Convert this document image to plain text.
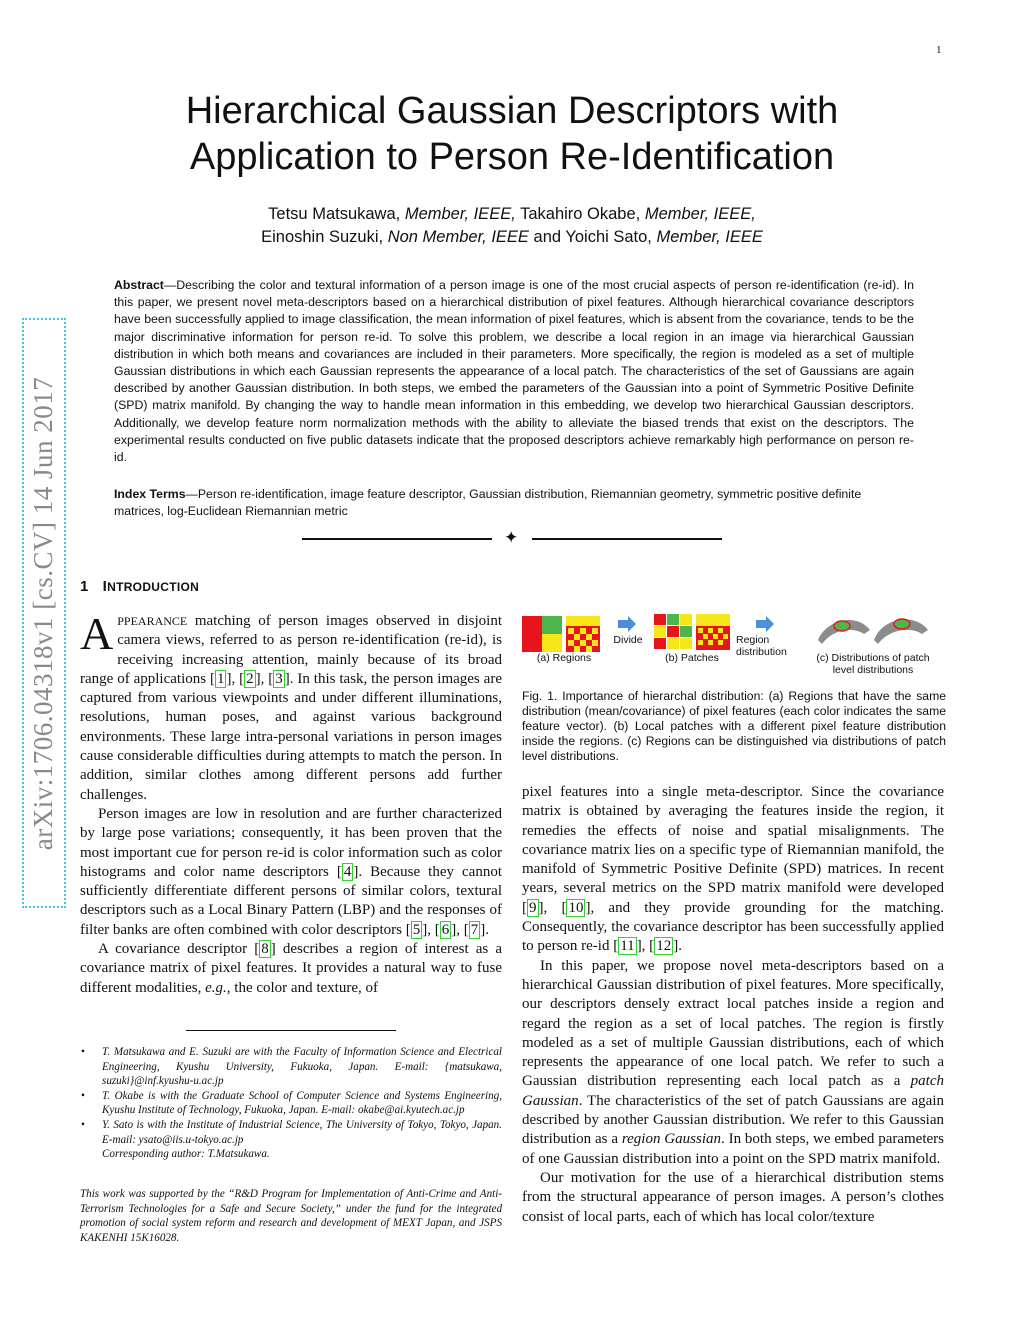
1
arXiv:1706.04318v1 [cs.CV] 14 Jun 2017
Hierarchical Gaussian Descriptors with
Application to Person Re-Identification
Tetsu Matsukawa, Member, IEEE, Takahiro Okabe, Member, IEEE,
Einoshin Suzuki, Non Member, IEEE and Yoichi Sato, Member, IEEE

Abstract—Describing the color and textural information of a person image is one of the most crucial aspects of person re-identification (re-id). In this paper, we present novel meta-descriptors based on a hierarchical distribution of pixel features. Although hierarchical covariance descriptors have been successfully applied to image classification, the mean information of pixel features, which is absent from the covariance, tends to be the major discriminative information for person re-id. To solve this problem, we describe a local region in an image via hierarchical Gaussian distribution in which both means and covariances are included in their parameters. More specifically, the region is modeled as a set of multiple Gaussian distributions in which each Gaussian represents the appearance of a local patch. The characteristics of the set of Gaussians are again described by another Gaussian distribution. In both steps, we embed the parameters of the Gaussian into a point of Symmetric Positive Definite (SPD) matrix manifold. By changing the way to handle mean information in this embedding, we develop two hierarchical Gaussian descriptors. Additionally, we develop feature norm normalization methods with the ability to alleviate the biased trends that exist on the descriptors. The experimental results conducted on five public datasets indicate that the proposed descriptors achieve remarkably high performance on person re-id.

Index Terms—Person re-identification, image feature descriptor, Gaussian distribution, Riemannian geometry, symmetric positive definite matrices, log-Euclidean Riemannian metric

✦
1 INTRODUCTION

APPEARANCE matching of person images observed in disjoint camera views, referred to as person re-identification (re-id), is receiving increasing attention, mainly because of its broad range of applications [ 1 ], [ 2 ], [ 3 ]. In this task, the person images are captured from various viewpoints and under different illuminations, resolutions, human poses, and against various background environments. These large intra-personal variations in person images cause considerable difficulties during attempts to match the person. In addition, similar clothes among different persons add further challenges.

Person images are low in resolution and are further characterized by large pose variations; consequently, it has been proven that the most important cue for person re-id is color information such as color histograms and color name descriptors [ 4 ]. Because they cannot sufficiently differentiate different persons of similar colors, textural descriptors such as a Local Binary Pattern (LBP) and the responses of filter banks are often combined with color descriptors [ 5 ], [ 6 ], [ 7 ].

A covariance descriptor [ 8 ] describes a region of interest as a covariance matrix of pixel features. It provides a natural way to fuse different modalities, e.g., the color and texture, of

• T. Matsukawa and E. Suzuki are with the Faculty of Information Science and Electrical Engineering, Kyushu University, Fukuoka, Japan. E-mail: {matsukawa, suzuki}@inf.kyushu-u.ac.jp
• T. Okabe is with the Graduate School of Computer Science and Systems Engineering, Kyushu Institute of Technology, Fukuoka, Japan. E-mail: okabe@ai.kyutech.ac.jp
• Y. Sato is with the Institute of Industrial Science, The University of Tokyo, Tokyo, Japan. E-mail: ysato@iis.u-tokyo.ac.jp
Corresponding author: T.Matsukawa.

This work was supported by the “R&D Program for Implementation of Anti-Crime and Anti-Terrorism Technologies for a Safe and Secure Society,” under the fund for the integrated promotion of social system reform and research and development of MEXT Japan, and JSPS KAKENHI 15K16028.

(a) Regions
Divide
(b) Patches
Region
distribution	(c) Distributions of patch
level distributions

Fig. 1. Importance of hierarchal distribution: (a) Regions that have the same distribution (mean/covariance) of pixel features (each color indicates the same feature vector). (b) Local patches with a different pixel feature distribution inside the regions. (c) Regions can be distinguished via distributions of patch level distributions.

pixel features into a single meta-descriptor. Since the covariance matrix is obtained by averaging the features inside the region, it remedies the effects of noise and spatial misalignments. The covariance matrix lies on a specific type of Riemannian manifold, the manifold of Symmetric Positive Definite (SPD) matrices. In recent years, several metrics on the SPD matrix manifold were developed [ 9 ], [ 10 ], and they provide grounding for the matching. Consequently, the covariance descriptor has been successfully applied to person re-id [ 11 ], [ 12 ].

In this paper, we propose novel meta-descriptors based on a hierarchical Gaussian distribution of pixel features. More specifically, our descriptors densely extract local patches inside a region and regard the region as a set of local patches. The region is firstly modeled as a set of multiple Gaussian distributions, each of which represents the appearance of one local patch. We refer to such a Gaussian distribution representing each local patch as a patch Gaussian. The characteristics of the set of patch Gaussians are again described by another Gaussian distribution. We refer to this Gaussian distribution as a region Gaussian. In both steps, we embed parameters of one Gaussian distribution into a point on the SPD matrix manifold.

Our motivation for the use of a hierarchical distribution stems from the structural appearance of person images. A person’s clothes consist of local parts, each of which has local color/texture
